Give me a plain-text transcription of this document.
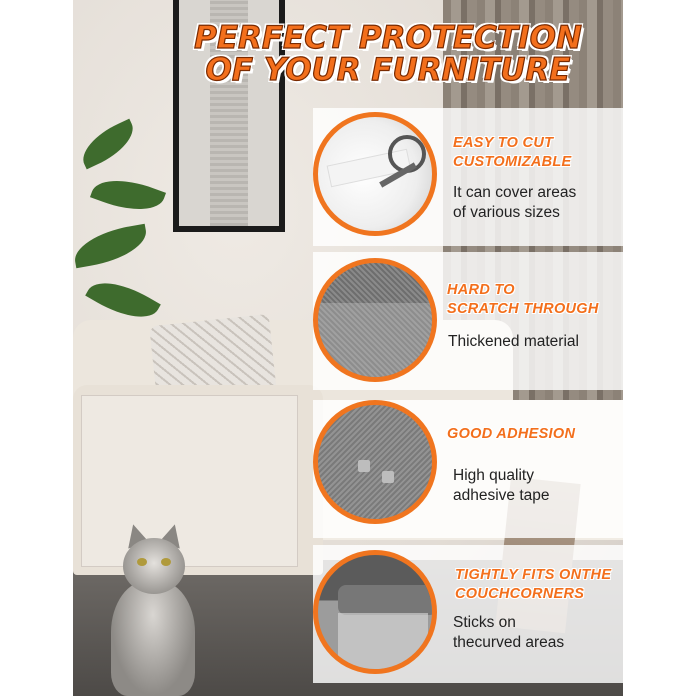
EASY TO CUT
CUSTOMIZABLE
It can cover areas
of various sizes
HARD TO
SCRATCH THROUGH
Thickened material
GOOD ADHESION
High quality
adhesive tape
TIGHTLY FITS ONTHE
COUCHCORNERS
Sticks on
thecurved areas
PERFECT PROTECTION
OF YOUR FURNITURE
